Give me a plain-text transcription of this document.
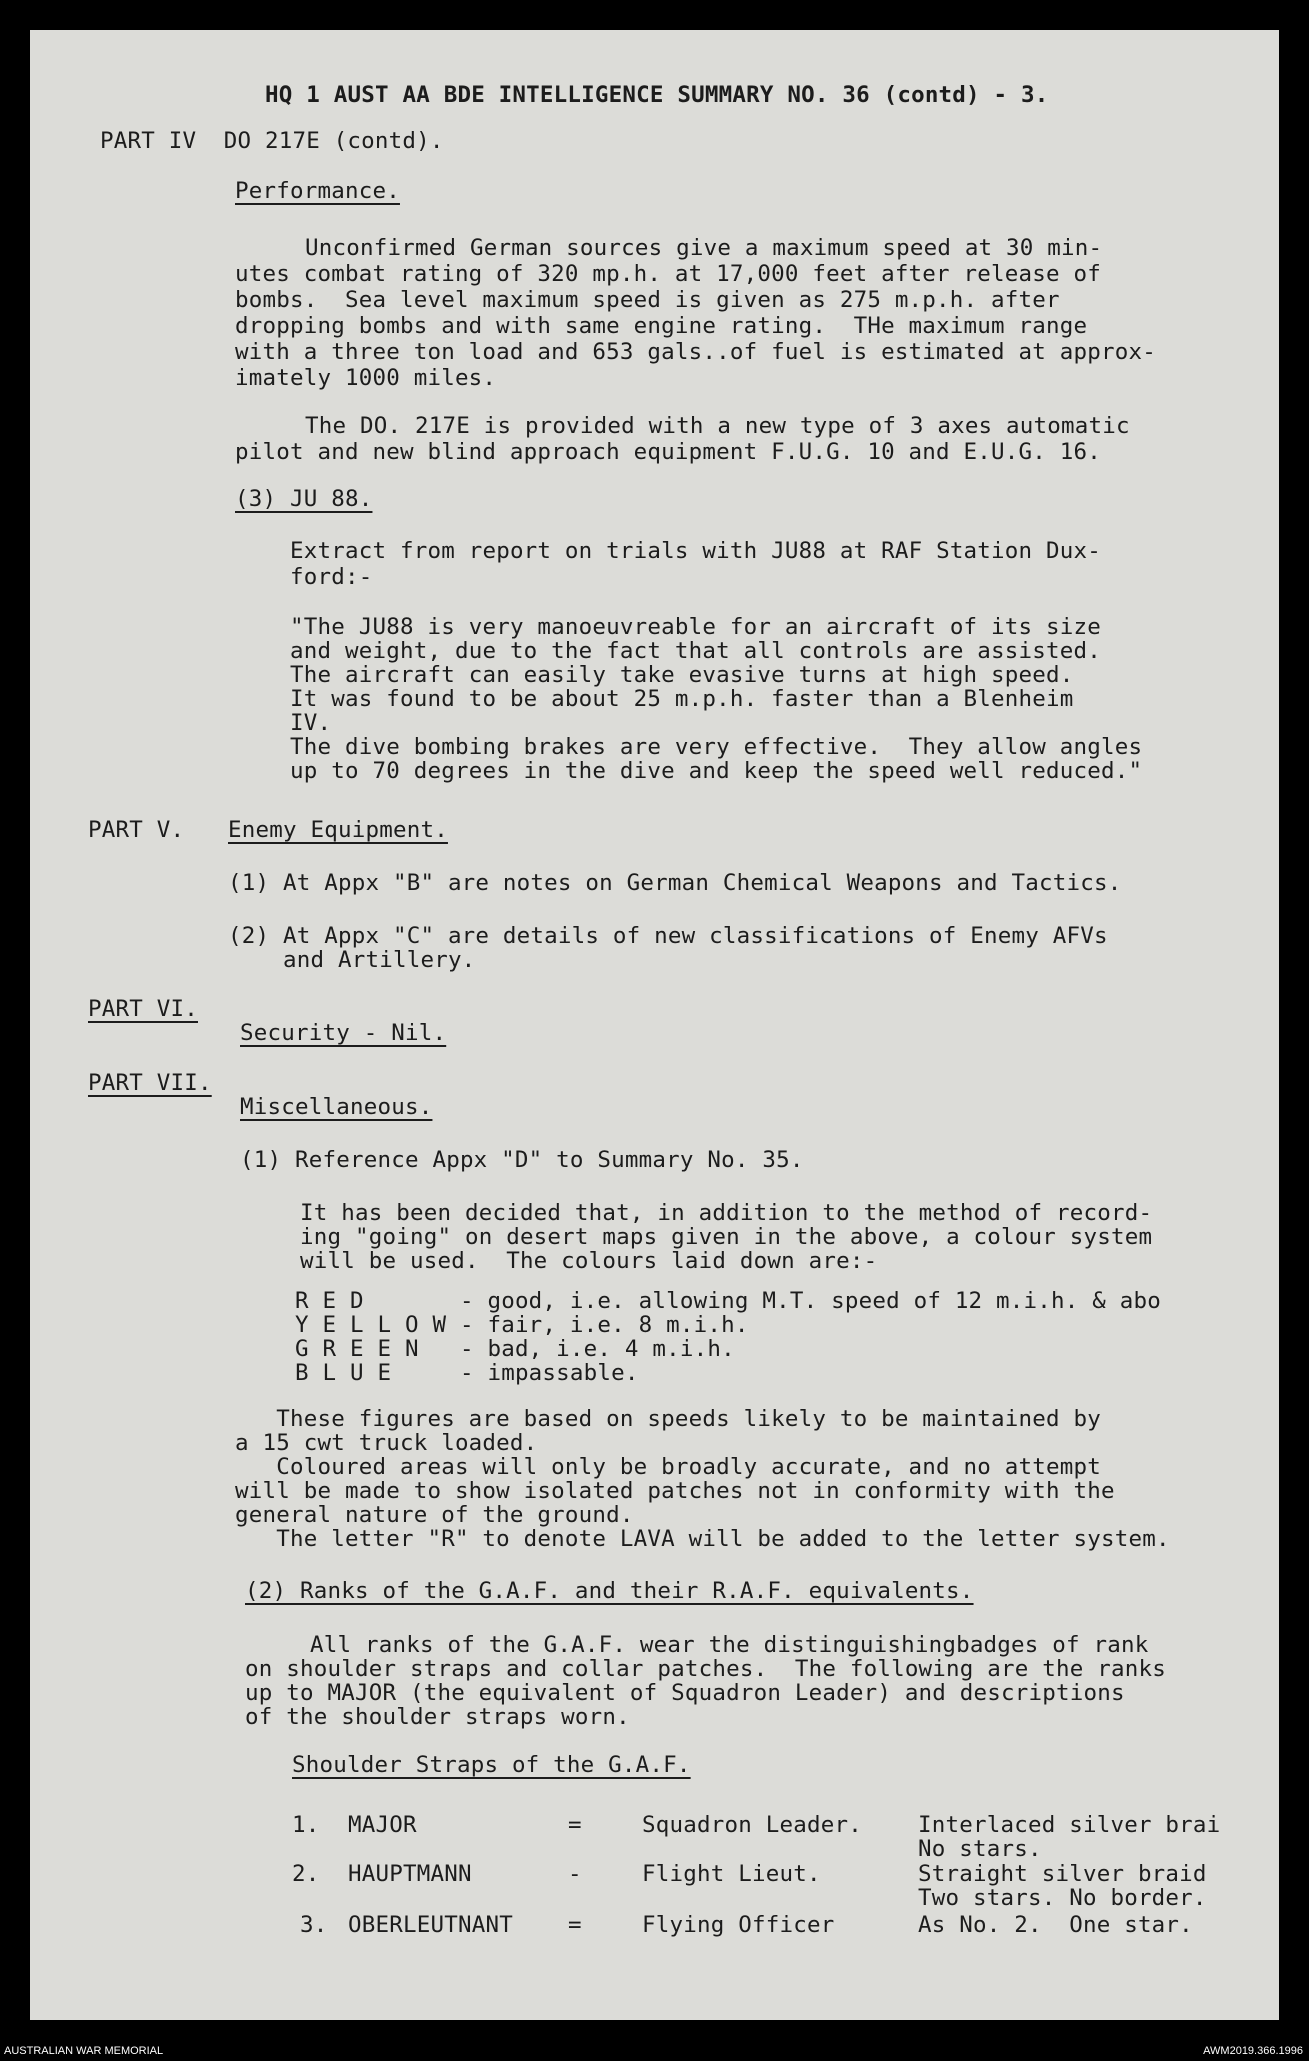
HQ 1 AUST AA BDE INTELLIGENCE SUMMARY NO. 36 (contd) - 3.
PART IV  DO 217E (contd).
Performance.
Unconfirmed German sources give a maximum speed at 30 min-
utes combat rating of 320 mp.h. at 17,000 feet after release of
bombs.  Sea level maximum speed is given as 275 m.p.h. after
dropping bombs and with same engine rating.  THe maximum range
with a three ton load and 653 gals..of fuel is estimated at approx-
imately 1000 miles.
The DO. 217E is provided with a new type of 3 axes automatic
pilot and new blind approach equipment F.U.G. 10 and E.U.G. 16.
(3) JU 88.
Extract from report on trials with JU88 at RAF Station Dux-
ford:-
"The JU88 is very manoeuvreable for an aircraft of its size
and weight, due to the fact that all controls are assisted.
The aircraft can easily take evasive turns at high speed.
It was found to be about 25 m.p.h. faster than a Blenheim
IV.
The dive bombing brakes are very effective.  They allow angles
up to 70 degrees in the dive and keep the speed well reduced."
PART V. Enemy Equipment.
(1) At Appx "B" are notes on German Chemical Weapons and Tactics.
(2) At Appx "C" are details of new classifications of Enemy AFVs
and Artillery.
PART VI.
Security - Nil.
PART VII.
Miscellaneous.
(1) Reference Appx "D" to Summary No. 35.
It has been decided that, in addition to the method of record-
ing "going" on desert maps given in the above, a colour system
will be used.  The colours laid down are:-
R E D       - good, i.e. allowing M.T. speed of 12 m.i.h. & abo
Y E L L O W - fair, i.e. 8 m.i.h.
G R E E N   - bad, i.e. 4 m.i.h.
B L U E     - impassable.
These figures are based on speeds likely to be maintained by
a 15 cwt truck loaded.
Coloured areas will only be broadly accurate, and no attempt
will be made to show isolated patches not in conformity with the
general nature of the ground.
The letter "R" to denote LAVA will be added to the letter system.
(2) Ranks of the G.A.F. and their R.A.F. equivalents.
All ranks of the G.A.F. wear the distinguishingbadges of rank
on shoulder straps and collar patches.  The following are the ranks
up to MAJOR (the equivalent of Squadron Leader) and descriptions
of the shoulder straps worn.
Shoulder Straps of the G.A.F.
1. MAJOR	=	Squadron Leader. Interlaced silver brai
No stars.
2. HAUPTMANN	-	Flight Lieut.	Straight silver braid
Two stars. No border.
3. OBERLEUTNANT =	Flying Officer	As No. 2.  One star.
AUSTRALIAN WAR MEMORIAL	AWM2019.366.1996
